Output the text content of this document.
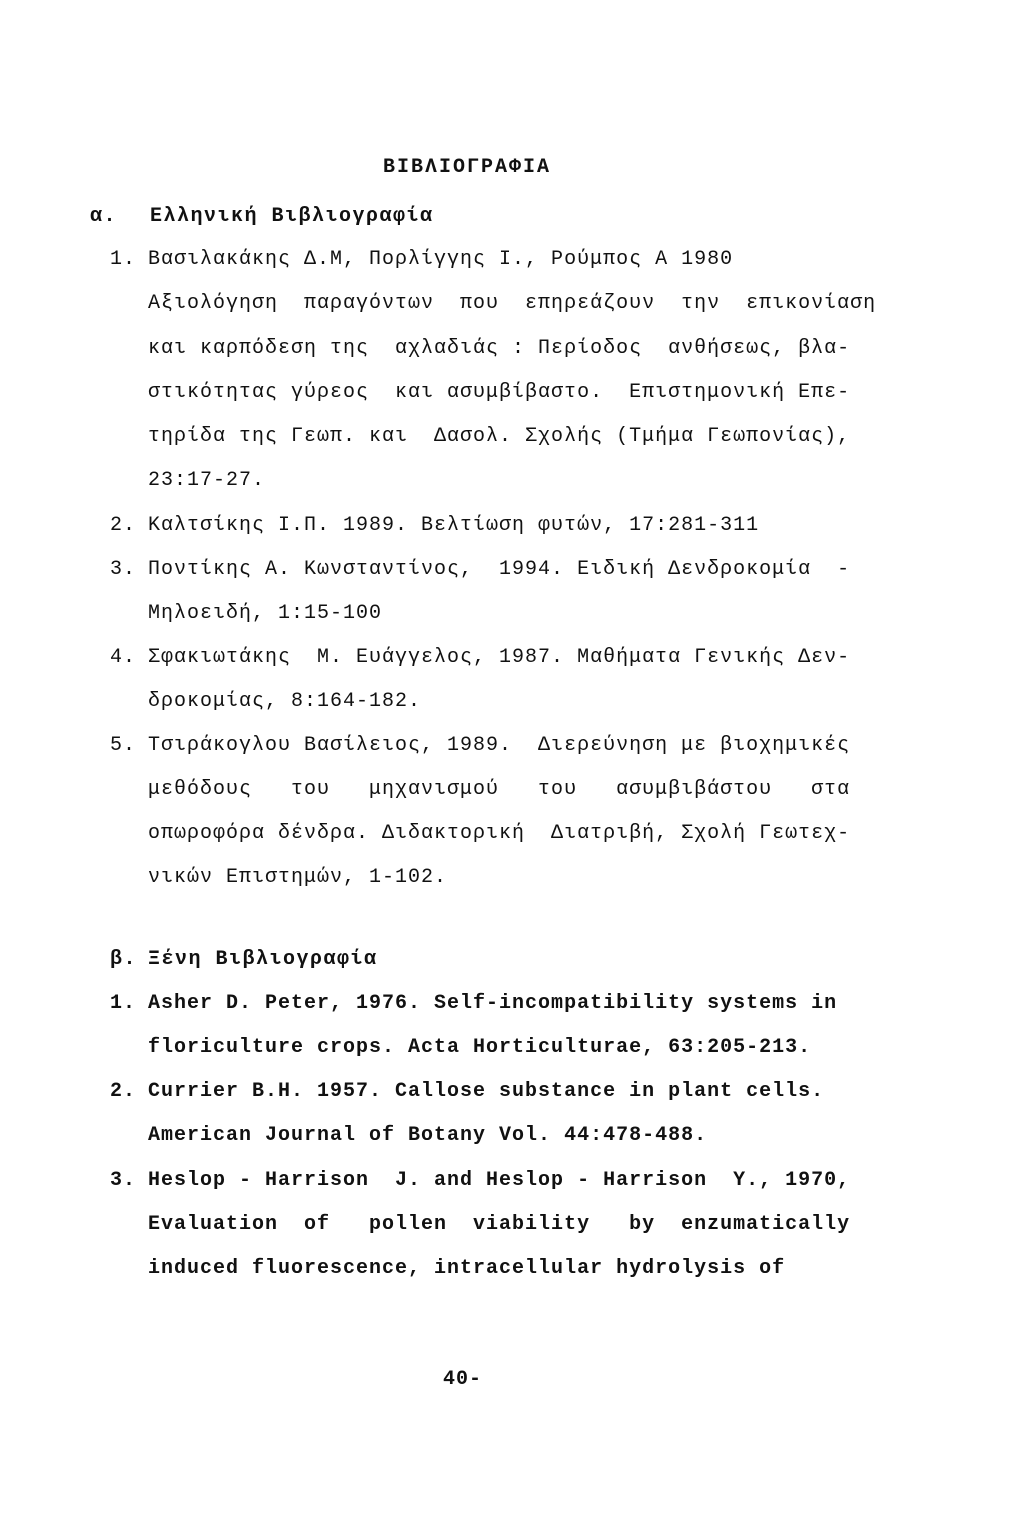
ΒΙΒΛΙΟΓΡΑΦΙΑ
α. Ελληνική Βιβλιογραφία
1. Βασιλακάκης Δ.Μ, Πορλίγγης Ι., Ρούμπος Α 1980
Αξιολόγηση  παραγόντων  που  επηρεάζουν  την  επικονίαση
και καρπόδεση της  αχλαδιάς : Περίοδος  ανθήσεως, βλα-
στικότητας γύρεος  και ασυμβίβαστο.  Επιστημονική Επε-
τηρίδα της Γεωπ. και  Δασολ. Σχολής (Τμήμα Γεωπονίας),
23:17-27.
2. Καλτσίκης Ι.Π. 1989. Βελτίωση φυτών, 17:281-311
3. Ποντίκης Α. Κωνσταντίνος,  1994. Ειδική Δενδροκομία  -
Μηλοειδή, 1:15-100
4. Σφακιωτάκης  Μ. Ευάγγελος, 1987. Μαθήματα Γενικής Δεν-
δροκομίας, 8:164-182.
5. Τσιράκογλου Βασίλειος, 1989.  Διερεύνηση με βιοχημικές
μεθόδους   του   μηχανισμού   του   ασυμβιβάστου   στα
οπωροφόρα δένδρα. Διδακτορική  Διατριβή, Σχολή Γεωτεχ-
νικών Επιστημών, 1-102.
β. Ξένη Βιβλιογραφία
1. Asher D. Peter, 1976. Self-incompatibility systems in
floriculture crops. Acta Horticulturae, 63:205-213.
2. Currier B.H. 1957. Callose substance in plant cells.
American Journal of Botany Vol. 44:478-488.
3. Heslop - Harrison  J. and Heslop - Harrison  Y., 1970,
Evaluation  of   pollen  viability   by  enzumatically
induced fluorescence, intracellular hydrolysis of
40-
